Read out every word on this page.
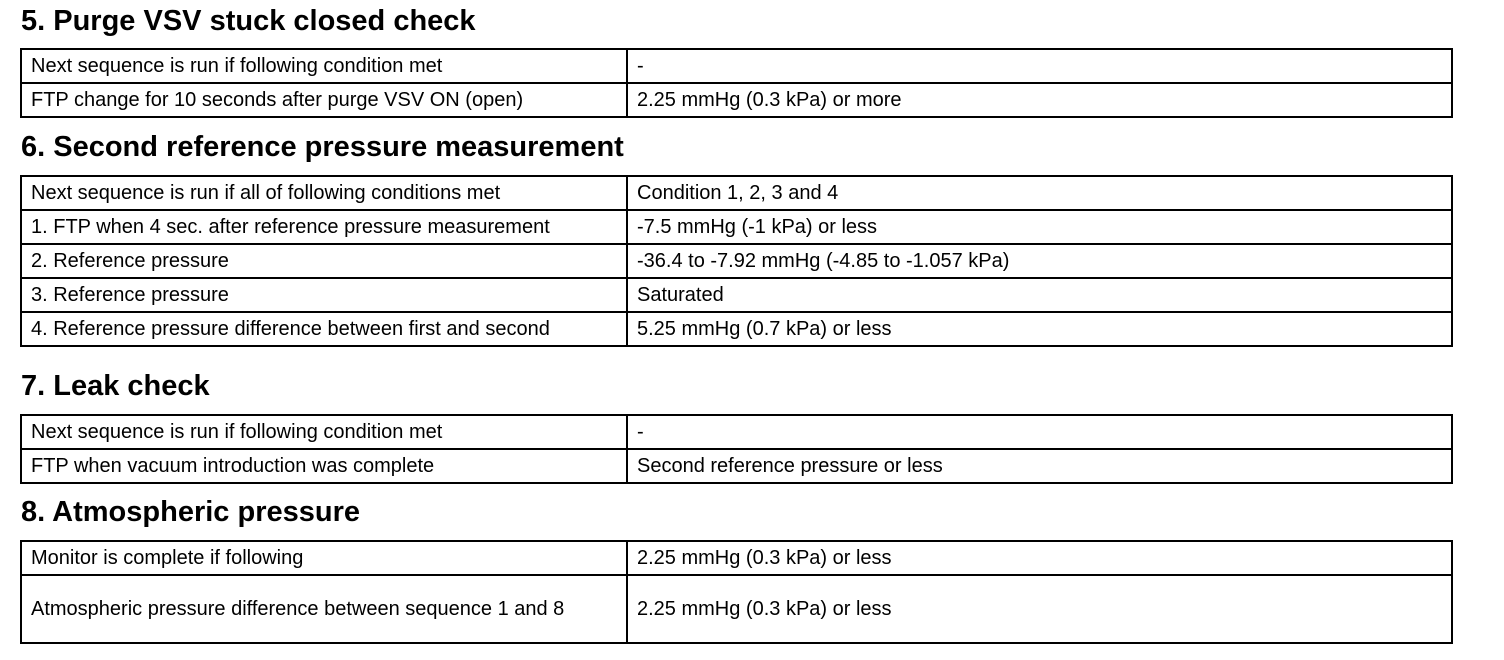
5. Purge VSV stuck closed check
Next sequence is run if following condition met	-
FTP change for 10 seconds after purge VSV ON (open)	2.25 mmHg (0.3 kPa) or more
6. Second reference pressure measurement
Next sequence is run if all of following conditions met	Condition 1, 2, 3 and 4
1. FTP when 4 sec. after reference pressure measurement	-7.5 mmHg (-1 kPa) or less
2. Reference pressure	-36.4 to -7.92 mmHg (-4.85 to -1.057 kPa)
3. Reference pressure	Saturated
4. Reference pressure difference between first and second	5.25 mmHg (0.7 kPa) or less
7. Leak check
Next sequence is run if following condition met	-
FTP when vacuum introduction was complete	Second reference pressure or less
8. Atmospheric pressure
Monitor is complete if following	2.25 mmHg (0.3 kPa) or less
Atmospheric pressure difference between sequence 1 and 8	2.25 mmHg (0.3 kPa) or less
